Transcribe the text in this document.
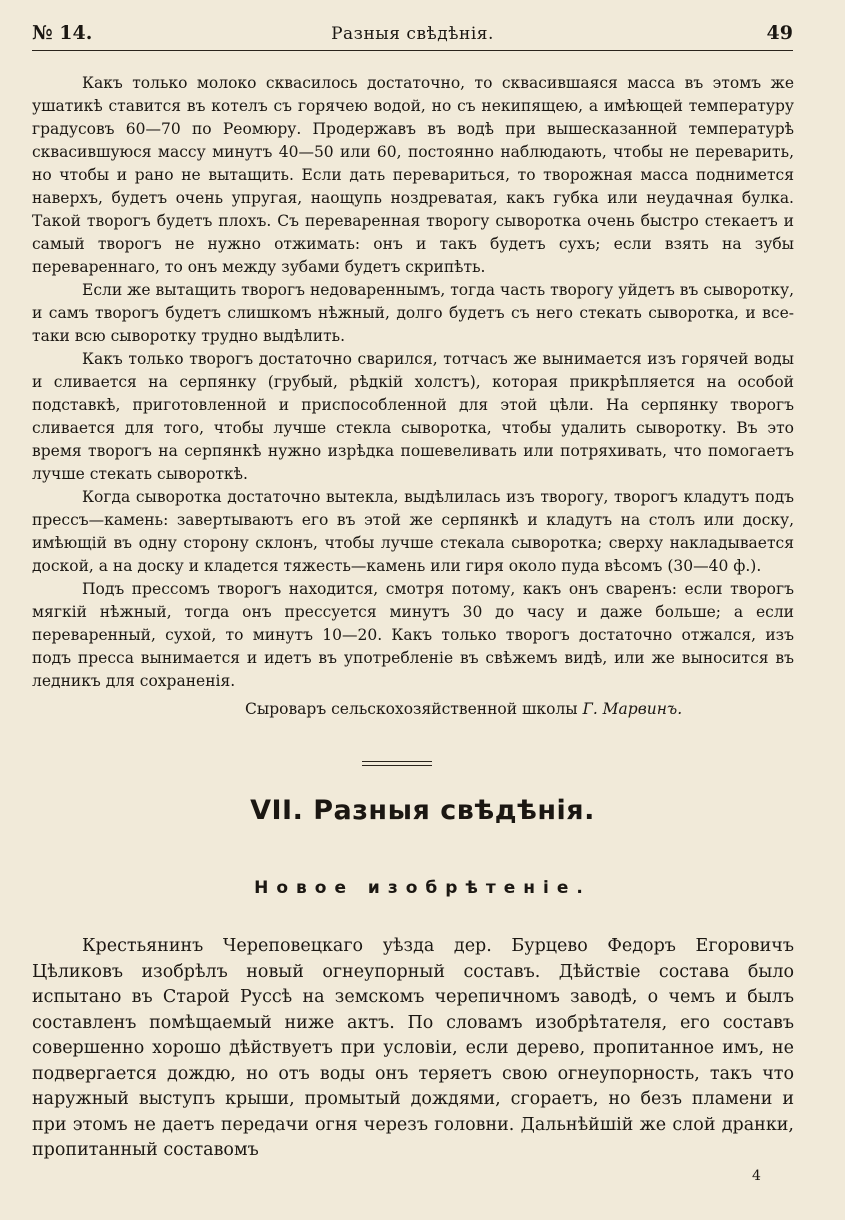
№ 14.	Разныя свѣдѣнія.	49

Какъ только молоко сквасилось достаточно, то сквасившаяся масса въ этомъ же ушатикѣ ставится въ котелъ съ горячею водой, но съ некипящею, а имѣющей температуру градусовъ 60—70 по Реомюру. Продержавъ въ водѣ при вышесказанной температурѣ сквасившуюся массу минутъ 40—50 или 60, постоянно наблюдають, чтобы не переварить, но чтобы и рано не вытащить. Если дать перевариться, то творожная масса поднимется наверхъ, будетъ очень упругая, наощупь ноздреватая, какъ губка или неудачная булка. Такой творогъ будетъ плохъ. Съ переваренная творогу сыворотка очень быстро стекаетъ и самый творогъ не нужно отжимать: онъ и такъ будетъ сухъ; если взять на зубы перевареннаго, то онъ между зубами будетъ скрипѣть.

Если же вытащить творогъ недовареннымъ, тогда часть творогу уйдетъ въ сыворотку, и самъ творогъ будетъ слишкомъ нѣжный, долго будетъ съ него стекать сыворотка, и все-таки всю сыворотку трудно выдѣлить.

Какъ только творогъ достаточно сварился, тотчасъ же вынимается изъ горячей воды и сливается на серпянку (грубый, рѣдкій холстъ), которая прикрѣпляется на особой подставкѣ, приготовленной и приспособленной для этой цѣли. На серпянку творогъ сливается для того, чтобы лучше стекла сыворотка, чтобы удалить сыворотку. Въ это время творогъ на серпянкѣ нужно изрѣдка пошевеливать или потряхивать, что помогаетъ лучше стекать сывороткѣ.

Когда сыворотка достаточно вытекла, выдѣлилась изъ творогу, творогъ кладутъ подъ прессъ—камень: завертываютъ его въ этой же серпянкѣ и кладутъ на столъ или доску, имѣющій въ одну сторону склонъ, чтобы лучше стекала сыворотка; сверху накладывается доской, а на доску и кладется тяжесть—камень или гиря около пуда вѣсомъ (30—40 ф.).

Подъ прессомъ творогъ находится, смотря потому, какъ онъ сваренъ: если творогъ мягкій нѣжный, тогда онъ прессуется минутъ 30 до часу и даже больше; а если переваренный, сухой, то минутъ 10—20. Какъ только творогъ достаточно отжался, изъ подъ пресса вынимается и идетъ въ употребленіе въ свѣжемъ видѣ, или же выносится въ ледникъ для сохраненія.

Сыроваръ сельскохозяйственной школы Г. Марвинъ.
VII. Разныя свѣдѣнія.
Новое изобрѣтеніе.

Крестьянинъ Череповецкаго уѣзда дер. Бурцево Федоръ Егоровичъ Цѣликовъ изобрѣлъ новый огнеупорный составъ. Дѣйствіе состава было испытано въ Старой Руссѣ на земскомъ черепичномъ заводѣ, о чемъ и былъ составленъ помѣщаемый ниже актъ. По словамъ изобрѣтателя, его составъ совершенно хорошо дѣйствуетъ при условіи, если дерево, пропитанное имъ, не подвергается дождю, но отъ воды онъ теряетъ свою огнеупорность, такъ что наружный выступъ крыши, промытый дождями, сгораетъ, но безъ пламени и при этомъ не даетъ передачи огня черезъ головни. Дальнѣйшій же слой дранки, пропитанный составомъ

4
